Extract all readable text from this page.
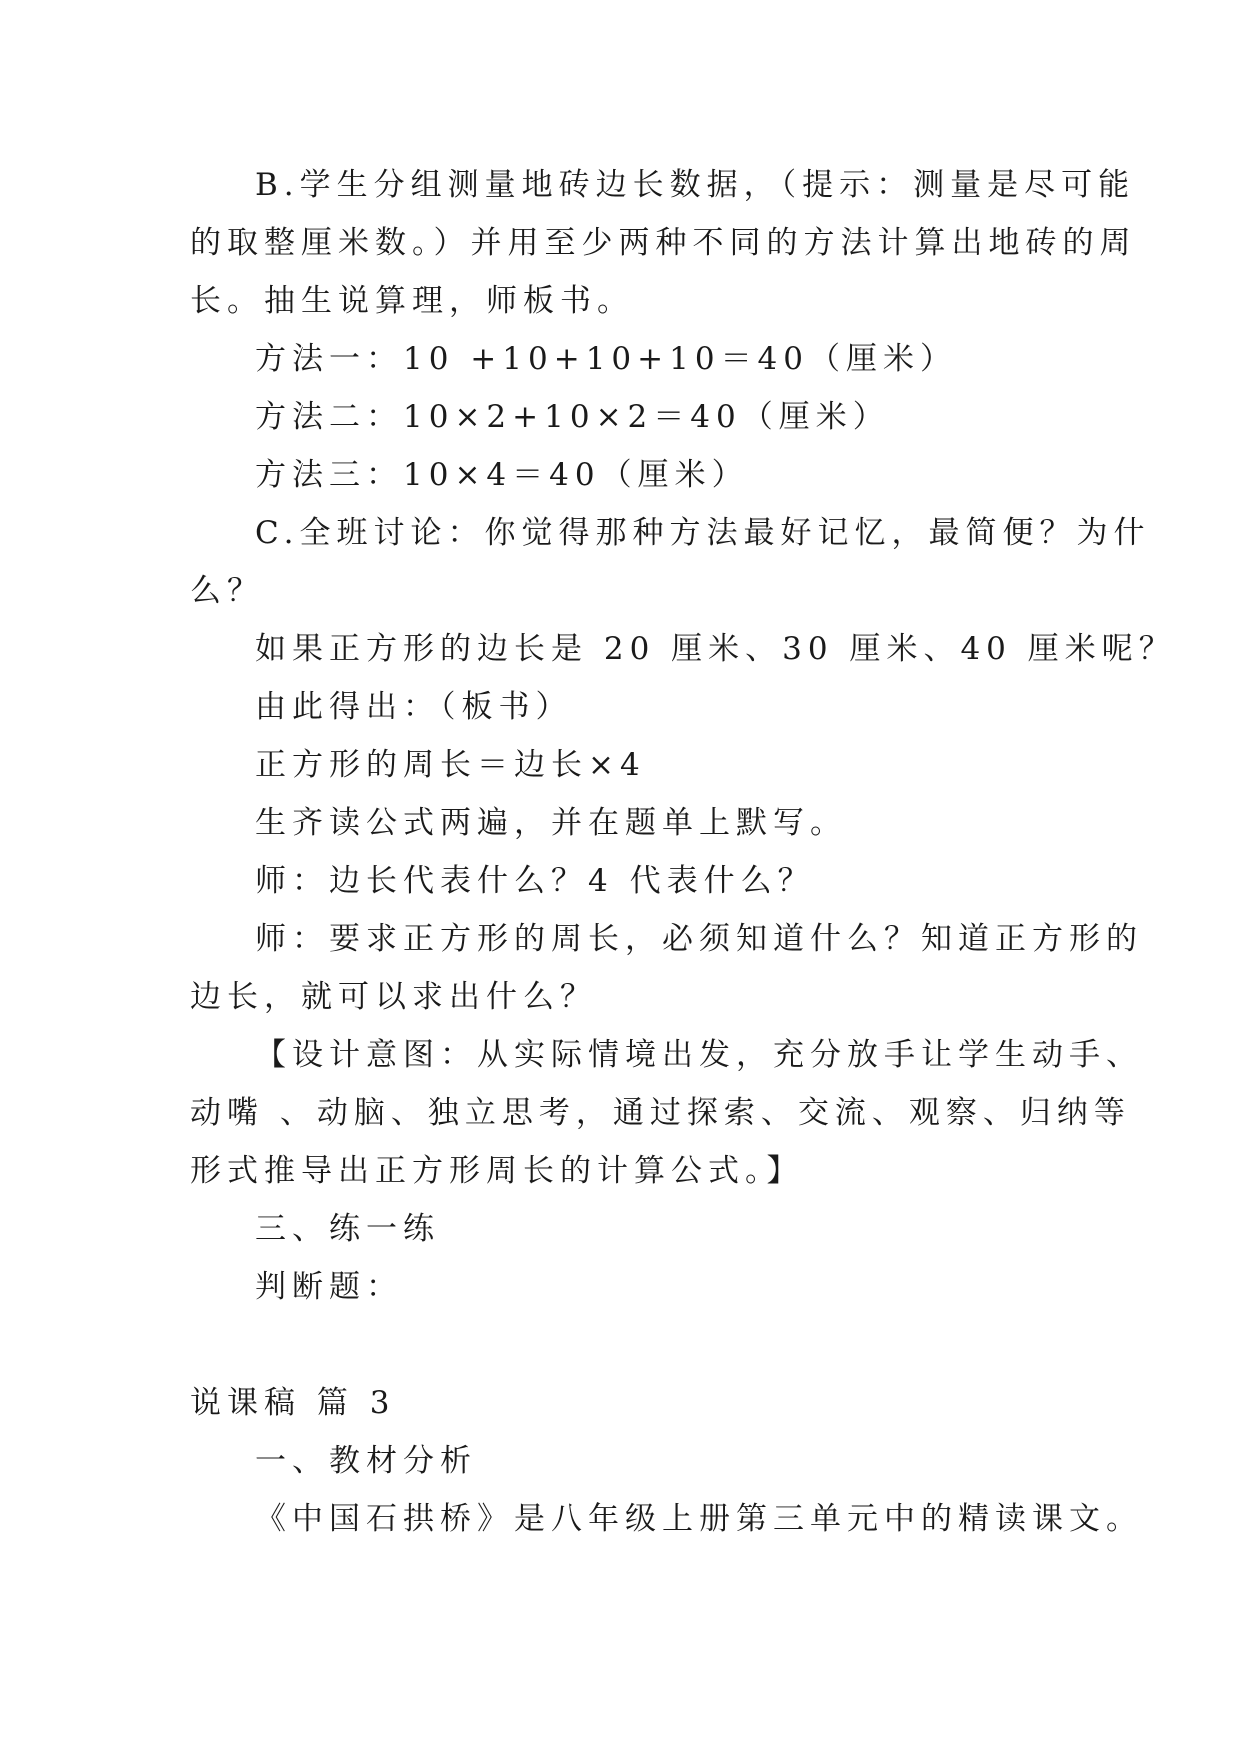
B.学生分组测量地砖边长数据，（提示：测量是尽可能
的取整厘米数。）并用至少两种不同的方法计算出地砖的周
长。抽生说算理，师板书。
方法一：10 +10+10+10＝40（厘米）
方法二：10×2+10×2＝40（厘米）
方法三：10×4＝40（厘米）
C.全班讨论：你觉得那种方法最好记忆，最简便？为什
么？
如果正方形的边长是 20 厘米、30 厘米、40 厘米呢？
由此得出：（板书）
正方形的周长＝边长×4
生齐读公式两遍，并在题单上默写。
师：边长代表什么？4 代表什么？
师：要求正方形的周长，必须知道什么？知道正方形的
边长，就可以求出什么？
【设计意图：从实际情境出发，充分放手让学生动手、
动嘴 、动脑、独立思考，通过探索、交流、观察、归纳等
形式推导出正方形周长的计算公式。】
三、练一练
判断题：
说课稿 篇 3
一、教材分析
《中国石拱桥》是八年级上册第三单元中的精读课文。
